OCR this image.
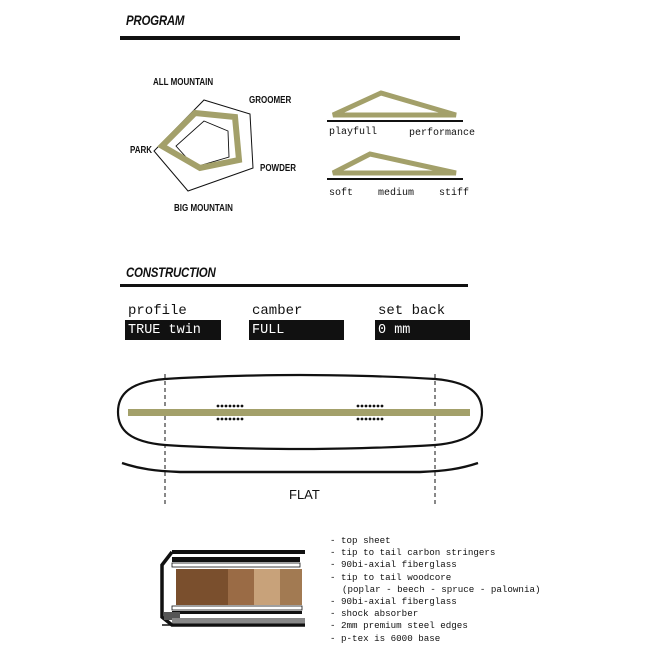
PROGRAM
ALL MOUNTAIN
GROOMER
POWDER
BIG MOUNTAIN
PARK
playfull	performance
soft medium stiff
CONSTRUCTION
profile
TRUE twin
camber
FULL
set back
0 mm
FLAT
- top sheet
- tip to tail carbon stringers
- 90bi-axial fiberglass
- tip to tail woodcore
(poplar - beech - spruce - palownia)
- 90bi-axial fiberglass
- shock absorber
- 2mm premium steel edges
- p-tex is 6000 base
